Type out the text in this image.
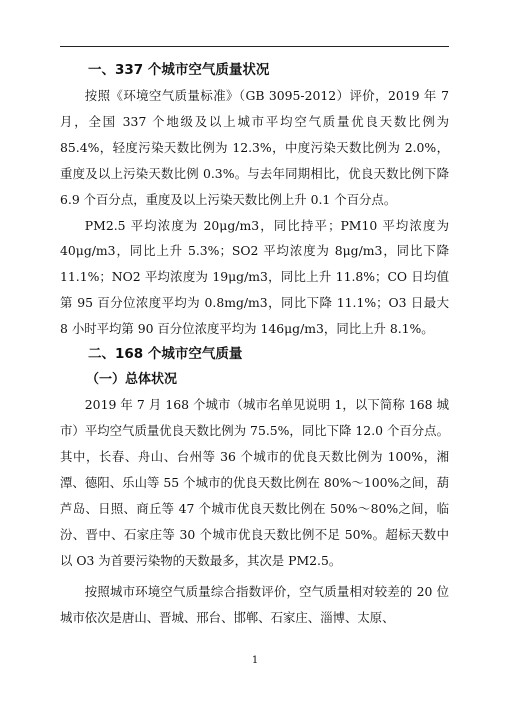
一、337 个城市空气质量状况

按照《环境空气质量标准》（GB 3095-2012）评价，2019 年 7 月，全国 337 个地级及以上城市平均空气质量优良天数比例为 85.4%，轻度污染天数比例为 12.3%，中度污染天数比例为 2.0%，重度及以上污染天数比例 0.3%。与去年同期相比，优良天数比例下降 6.9 个百分点，重度及以上污染天数比例上升 0.1 个百分点。

PM2.5 平均浓度为 20μg/m3，同比持平；PM10 平均浓度为 40μg/m3，同比上升 5.3%；SO2 平均浓度为 8μg/m3，同比下降 11.1%；NO2 平均浓度为 19μg/m3，同比上升 11.8%；CO 日均值第 95 百分位浓度平均为 0.8mg/m3，同比下降 11.1%；O3 日最大 8 小时平均第 90 百分位浓度平均为 146μg/m3，同比上升 8.1%。

二、168 个城市空气质量

（一）总体状况

2019 年 7 月 168 个城市（城市名单见说明 1，以下简称 168 城市）平均空气质量优良天数比例为 75.5%，同比下降 12.0 个百分点。其中，长春、舟山、台州等 36 个城市的优良天数比例为 100%，湘潭、德阳、乐山等 55 个城市的优良天数比例在 80%～100%之间，葫芦岛、日照、商丘等 47 个城市优良天数比例在 50%～80%之间，临汾、晋中、石家庄等 30 个城市优良天数比例不足 50%。超标天数中以 O3 为首要污染物的天数最多，其次是 PM2.5。

按照城市环境空气质量综合指数评价，空气质量相对较差的 20 位城市依次是唐山、晋城、邢台、邯郸、石家庄、淄博、太原、

1
